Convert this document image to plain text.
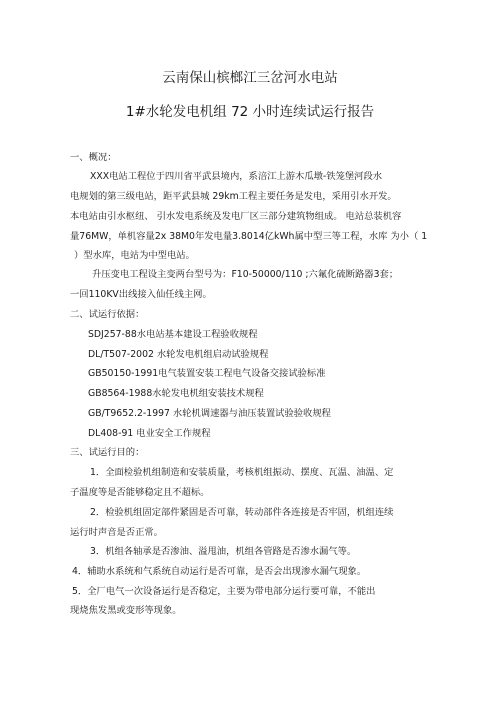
云南保山槟榔江三岔河水电站
1#水轮发电机组 72 小时连续试运行报告
一、概况：
XXX电站工程位于四川省平武县境内，系涪江上游木瓜墩-铁笼堡河段水
电规划的第三级电站，距平武县城 29km工程主要任务是发电，采用引水开发。
本电站由引水枢纽、 引水发电系统及发电厂区三部分建筑物组成。 电站总装机容
量76MW，单机容量2x 38M0年发电量3.8014亿kWh属中型三等工程，水库 为小（ 1
）型水库，电站为中型电站。
升压变电工程设主变两台型号为：F10-50000/110 ;六氟化硫断路器3套；
一回110KV出线接入仙任线主网。
二、试运行依据：
SDJ257-88水电站基本建设工程验收规程
DL/T507-2002 水轮发电机组启动试验规程
GB50150-1991电气装置安装工程电气设备交接试验标准
GB8564-1988水轮发电机组安装技术规程
GB/T9652.2-1997 水轮机调速器与油压装置试验验收规程
DL408-91 电业安全工作规程
三、试运行目的：
1．全面检验机组制造和安装质量，考核机组振动、摆度、瓦温、油温、定
子温度等是否能够稳定且不超标。
2．检验机组固定部件紧固是否可靠，转动部件各连接是否牢固，机组连续
运行时声音是否正常。
3．机组各轴承是否渗油、溢甩油，机组各管路是否渗水漏气等。
4．辅助水系统和气系统自动运行是否可靠，是否会出现渗水漏气现象。
5．全厂电气一次设备运行是否稳定，主要为带电部分运行要可靠，不能出
现烧焦发黑或变形等现象。
